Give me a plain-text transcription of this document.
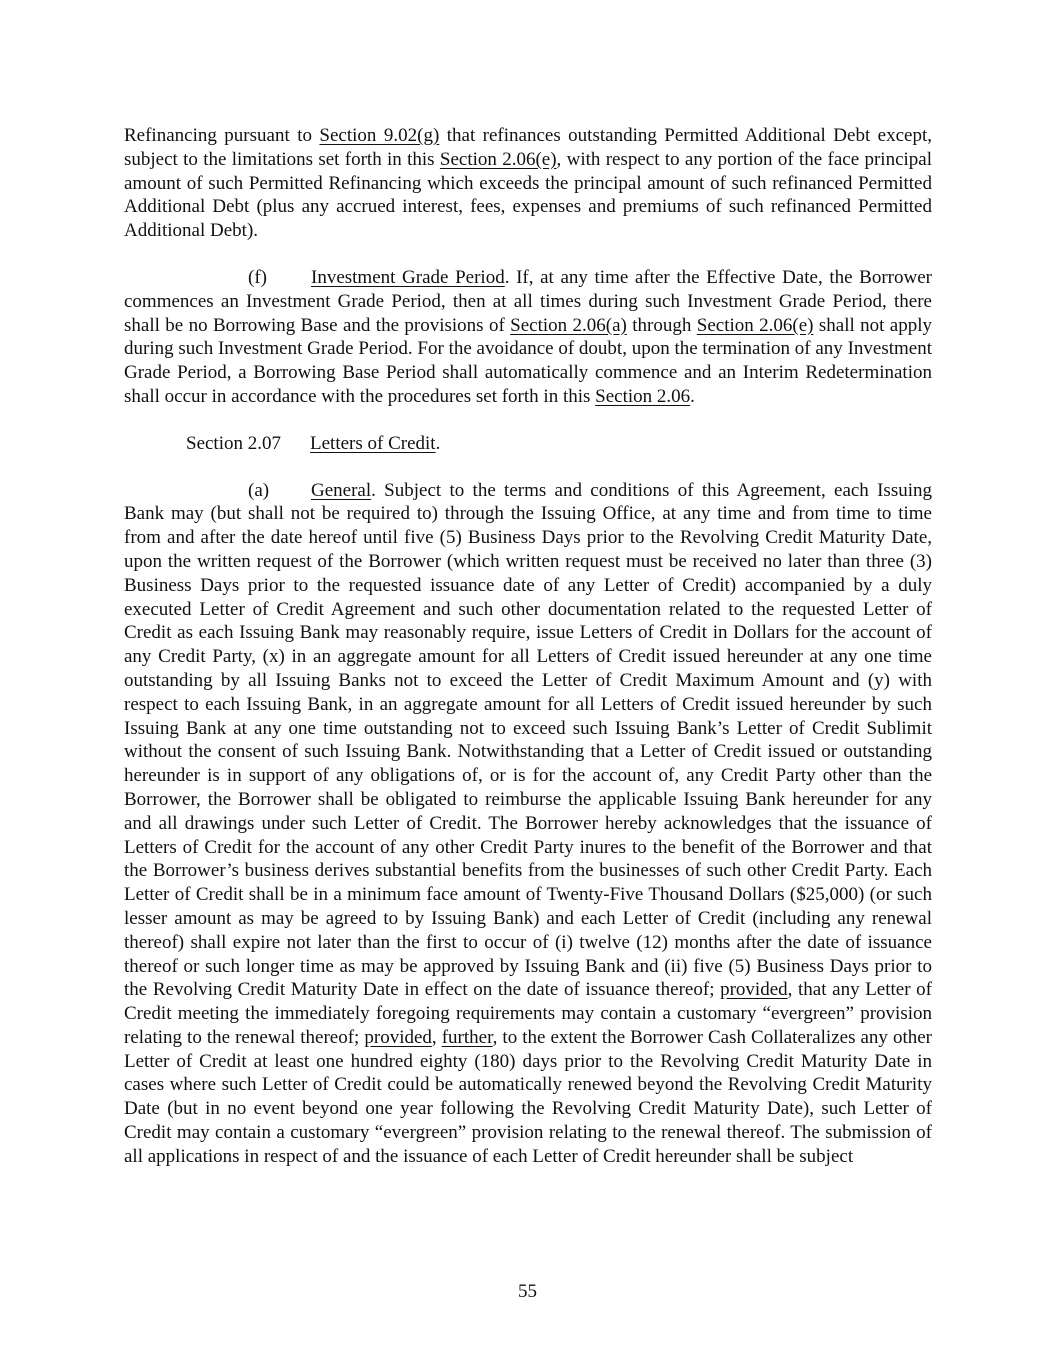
Refinancing pursuant to Section 9.02(g) that refinances outstanding Permitted Additional Debt except, subject to the limitations set forth in this Section 2.06(e), with respect to any portion of the face principal amount of such Permitted Refinancing which exceeds the principal amount of such refinanced Permitted Additional Debt (plus any accrued interest, fees, expenses and premiums of such refinanced Permitted Additional Debt).

(f) Investment Grade Period. If, at any time after the Effective Date, the Borrower commences an Investment Grade Period, then at all times during such Investment Grade Period, there shall be no Borrowing Base and the provisions of Section 2.06(a) through Section 2.06(e) shall not apply during such Investment Grade Period. For the avoidance of doubt, upon the termination of any Investment Grade Period, a Borrowing Base Period shall automatically commence and an Interim Redetermination shall occur in accordance with the procedures set forth in this Section 2.06.

Section 2.07 Letters of Credit.

(a) General. Subject to the terms and conditions of this Agreement, each Issuing Bank may (but shall not be required to) through the Issuing Office, at any time and from time to time from and after the date hereof until five (5) Business Days prior to the Revolving Credit Maturity Date, upon the written request of the Borrower (which written request must be received no later than three (3) Business Days prior to the requested issuance date of any Letter of Credit) accompanied by a duly executed Letter of Credit Agreement and such other documentation related to the requested Letter of Credit as each Issuing Bank may reasonably require, issue Letters of Credit in Dollars for the account of any Credit Party, (x) in an aggregate amount for all Letters of Credit issued hereunder at any one time outstanding by all Issuing Banks not to exceed the Letter of Credit Maximum Amount and (y) with respect to each Issuing Bank, in an aggregate amount for all Letters of Credit issued hereunder by such Issuing Bank at any one time outstanding not to exceed such Issuing Bank’s Letter of Credit Sublimit without the consent of such Issuing Bank. Notwithstanding that a Letter of Credit issued or outstanding hereunder is in support of any obligations of, or is for the account of, any Credit Party other than the Borrower, the Borrower shall be obligated to reimburse the applicable Issuing Bank hereunder for any and all drawings under such Letter of Credit. The Borrower hereby acknowledges that the issuance of Letters of Credit for the account of any other Credit Party inures to the benefit of the Borrower and that the Borrower’s business derives substantial benefits from the businesses of such other Credit Party. Each Letter of Credit shall be in a minimum face amount of Twenty-Five Thousand Dollars ($25,000) (or such lesser amount as may be agreed to by Issuing Bank) and each Letter of Credit (including any renewal thereof) shall expire not later than the first to occur of (i) twelve (12) months after the date of issuance thereof or such longer time as may be approved by Issuing Bank and (ii) five (5) Business Days prior to the Revolving Credit Maturity Date in effect on the date of issuance thereof; provided, that any Letter of Credit meeting the immediately foregoing requirements may contain a customary “evergreen” provision relating to the renewal thereof; provided, further, to the extent the Borrower Cash Collateralizes any other Letter of Credit at least one hundred eighty (180) days prior to the Revolving Credit Maturity Date in cases where such Letter of Credit could be automatically renewed beyond the Revolving Credit Maturity Date (but in no event beyond one year following the Revolving Credit Maturity Date), such Letter of Credit may contain a customary “evergreen” provision relating to the renewal thereof. The submission of all applications in respect of and the issuance of each Letter of Credit hereunder shall be subject

55
